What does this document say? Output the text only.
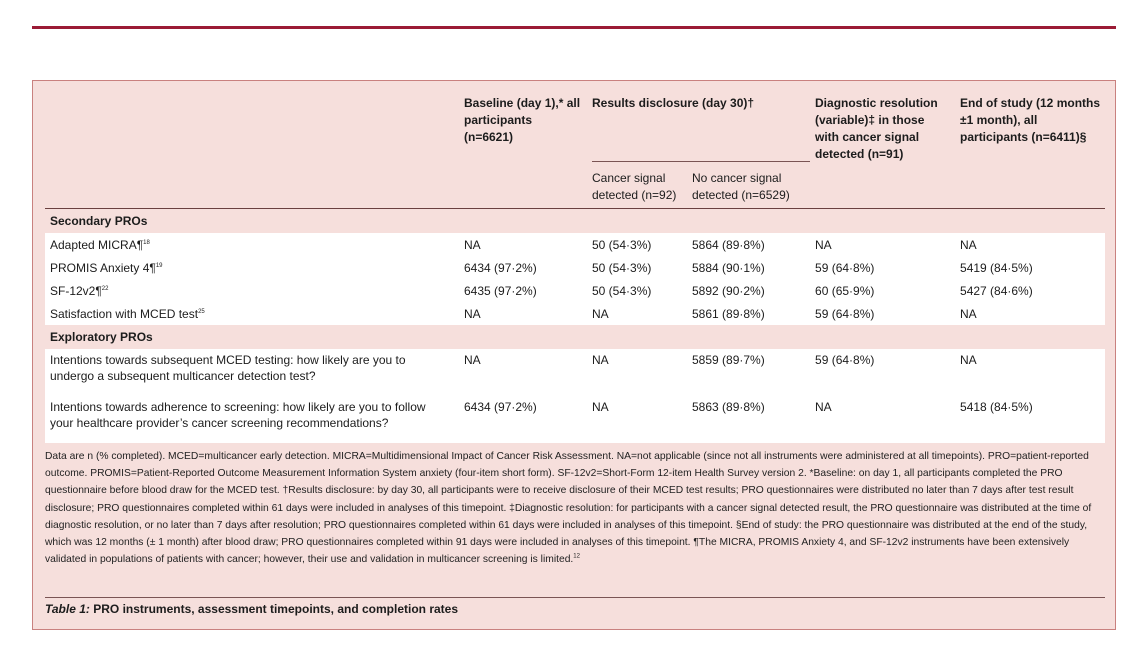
	Baseline (day 1),* all participants (n=6621)	Results disclosure (day 30)†		Diagnostic resolution (variable)‡ in those with cancer signal detected (n=91)	End of study (12 months ±1 month), all participants (n=6411)§
		Cancer signal detected (n=92)	No cancer signal detected (n=6529)		

Secondary PROs					
Adapted MICRA¶$^{18}$	NA	50 (54·3%)	5864 (89·8%)	NA	NA
PROMIS Anxiety 4¶$^{19}$	6434 (97·2%)	50 (54·3%)	5884 (90·1%)	59 (64·8%)	5419 (84·5%)
SF-12v2¶$^{22}$	6435 (97·2%)	50 (54·3%)	5892 (90·2%)	60 (65·9%)	5427 (84·6%)
Satisfaction with MCED test$^{25}$	NA	NA	5861 (89·8%)	59 (64·8%)	NA
Exploratory PROs					
Intentions towards subsequent MCED testing: how likely are you to undergo a subsequent multicancer detection test?	NA	NA	5859 (89·7%)	59 (64·8%)	NA
Intentions towards adherence to screening: how likely are you to follow your healthcare provider’s cancer screening recommendations?	6434 (97·2%)	NA	5863 (89·8%)	NA	5418 (84·5%)
Data are n (% completed). MCED=multicancer early detection. MICRA=Multidimensional Impact of Cancer Risk Assessment. NA=not applicable (since not all instruments were administered at all timepoints). PRO=patient-reported outcome. PROMIS=Patient-Reported Outcome Measurement Information System anxiety (four-item short form). SF-12v2=Short-Form 12-item Health Survey version 2. *Baseline: on day 1, all participants completed the PRO questionnaire before blood draw for the MCED test. †Results disclosure: by day 30, all participants were to receive disclosure of their MCED test results; PRO questionnaires were distributed no later than 7 days after test result disclosure; PRO questionnaires completed within 61 days were included in analyses of this timepoint. ‡Diagnostic resolution: for participants with a cancer signal detected result, the PRO questionnaire was distributed at the time of diagnostic resolution, or no later than 7 days after resolution; PRO questionnaires completed within 61 days were included in analyses of this timepoint. §End of study: the PRO questionnaire was distributed at the end of the study, which was 12 months (± 1 month) after blood draw; PRO questionnaires completed within 91 days were included in analyses of this timepoint. ¶The MICRA, PROMIS Anxiety 4, and SF-12v2 instruments have been extensively validated in populations of patients with cancer; however, their use and validation in multicancer screening is limited.$^{12}$
Table 1: PRO instruments, assessment timepoints, and completion rates
